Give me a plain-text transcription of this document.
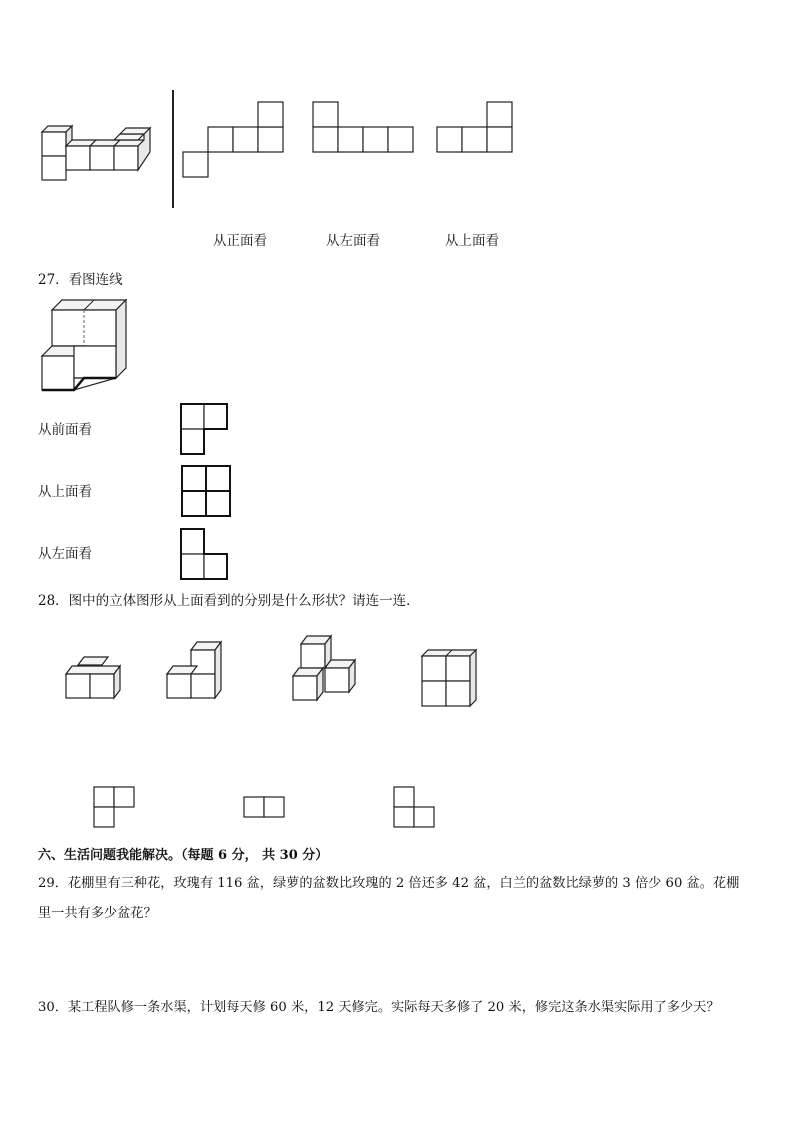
从正面看	从左面看	从上面看
27．看图连线
从前面看
从上面看
从左面看
28．图中的立体图形从上面看到的分别是什么形状？请连一连．
六、生活问题我能解决。（每题 6 分， 共 30 分）
29．花棚里有三种花，玫瑰有 116 盆，绿萝的盆数比玫瑰的 2 倍还多 42 盆，白兰的盆数比绿萝的 3 倍少 60 盆。花棚
里一共有多少盆花？
30．某工程队修一条水渠，计划每天修 60 米，12 天修完。实际每天多修了 20 米，修完这条水渠实际用了多少天？
